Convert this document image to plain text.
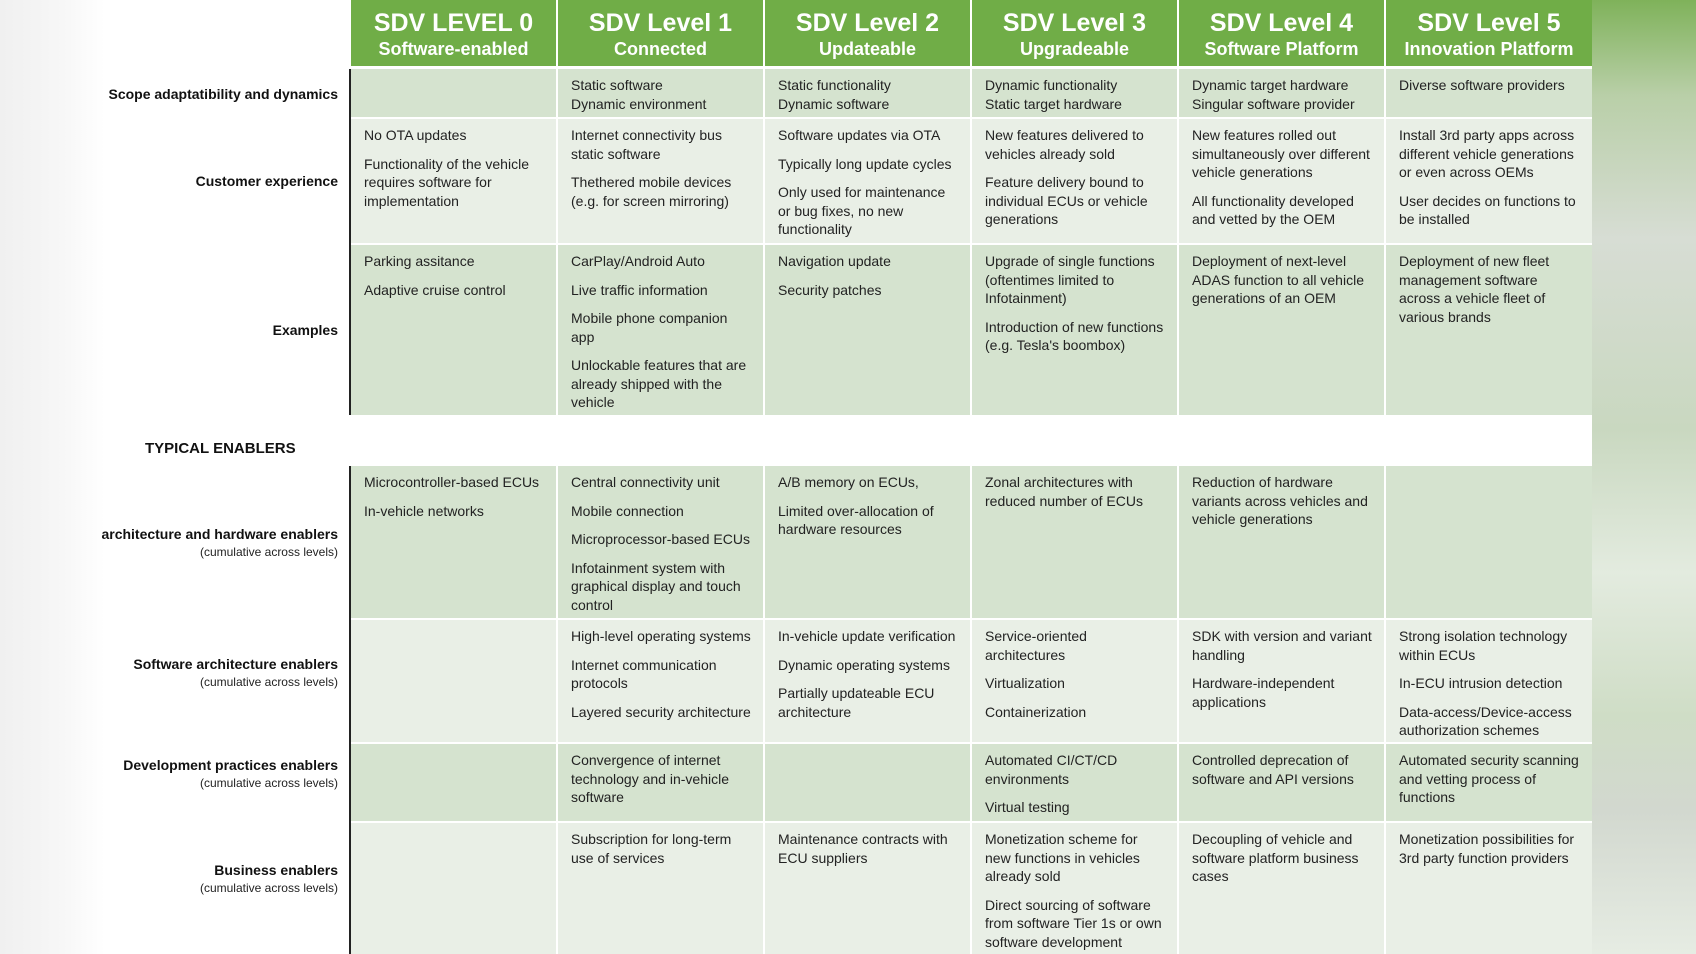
SDV LEVEL 0
Software-enabled
SDV Level 1
Connected
SDV Level 2
Updateable
SDV Level 3
Upgradeable
SDV Level 4
Software Platform
SDV Level 5
Innovation Platform
Scope adaptatibility and dynamics
Customer experience
Examples
TYPICAL ENABLERS
architecture and hardware enablers
(cumulative across levels)
Software architecture enablers
(cumulative across levels)
Development practices enablers
(cumulative across levels)
Business enablers
(cumulative across levels)

Static software

Dynamic environment

Static functionality

Dynamic software

Dynamic functionality

Static target hardware

Dynamic target hardware

Singular software provider

Diverse software providers

No OTA updates

Functionality of the vehicle requires software for implementation

Internet connectivity bus static software

Thethered mobile devices (e.g. for screen mirroring)

Software updates via OTA

Typically long update cycles

Only used for maintenance or bug fixes, no new functionality

New features delivered to vehicles already sold

Feature delivery bound to individual ECUs or vehicle generations

New features rolled out simultaneously over different vehicle generations

All functionality developed and vetted by the OEM

Install 3rd party apps across different vehicle generations or even across OEMs

User decides on functions to be installed

Parking assitance

Adaptive cruise control

CarPlay/Android Auto

Live traffic information

Mobile phone companion app

Unlockable features that are already shipped with the vehicle

Navigation update

Security patches

Upgrade of single functions (oftentimes limited to Infotainment)

Introduction of new functions (e.g. Tesla's boombox)

Deployment of next-level ADAS function to all vehicle generations of an OEM

Deployment of new fleet management software across a vehicle fleet of various brands

Microcontroller-based ECUs

In-vehicle networks

Central connectivity unit

Mobile connection

Microprocessor-based ECUs

Infotainment system with graphical display and touch control

A/B memory on ECUs,

Limited over-allocation of hardware resources

Zonal architectures with reduced number of ECUs

Reduction of hardware variants across vehicles and vehicle generations

High-level operating systems

Internet communication protocols

Layered security architecture

In-vehicle update verification

Dynamic operating systems

Partially updateable ECU architecture

Service-oriented architectures

Virtualization

Containerization

SDK with version and variant handling

Hardware-independent applications

Strong isolation technology within ECUs

In-ECU intrusion detection

Data-access/Device-access authorization schemes

Convergence of internet technology and in-vehicle software

Automated CI/CT/CD environments

Virtual testing

Controlled deprecation of software and API versions

Automated security scanning and vetting process of functions

Subscription for long-term use of services

Maintenance contracts with ECU suppliers

Monetization scheme for new functions in vehicles already sold

Direct sourcing of software from software Tier 1s or own software development

Decoupling of vehicle and software platform business cases

Monetization possibilities for 3rd party function providers
